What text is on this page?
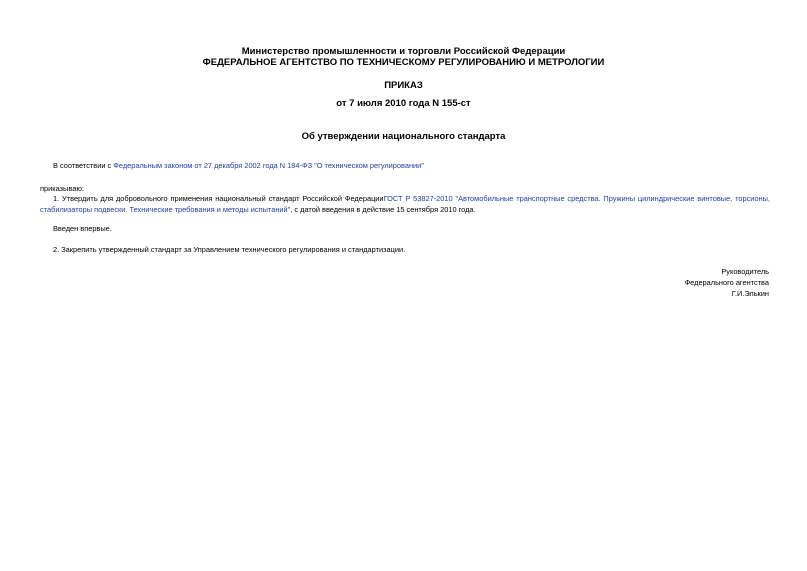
Министерство промышленности и торговли Российской Федерации
ФЕДЕРАЛЬНОЕ АГЕНТСТВО ПО ТЕХНИЧЕСКОМУ РЕГУЛИРОВАНИЮ И МЕТРОЛОГИИ
ПРИКАЗ
от 7 июля 2010 года N 155-ст
Об утверждении национального стандарта
В соответствии с Федеральным законом от 27 декабря 2002 года N 184-ФЗ "О техническом регулировании"
приказываю:
1. Утвердить для добровольного применения национальный стандарт Российской ФедерацииГОСТ Р 53827-2010 "Автомобильные транспортные средства. Пружины цилиндрические винтовые, торсионы,
стабилизаторы подвески. Технические требования и методы испытаний", с датой введения в действие 15 сентября 2010 года.
Введен впервые.
2. Закрепить утвержденный стандарт за Управлением технического регулирования и стандартизации.
Руководитель
Федерального агентства
Г.И.Элькин
